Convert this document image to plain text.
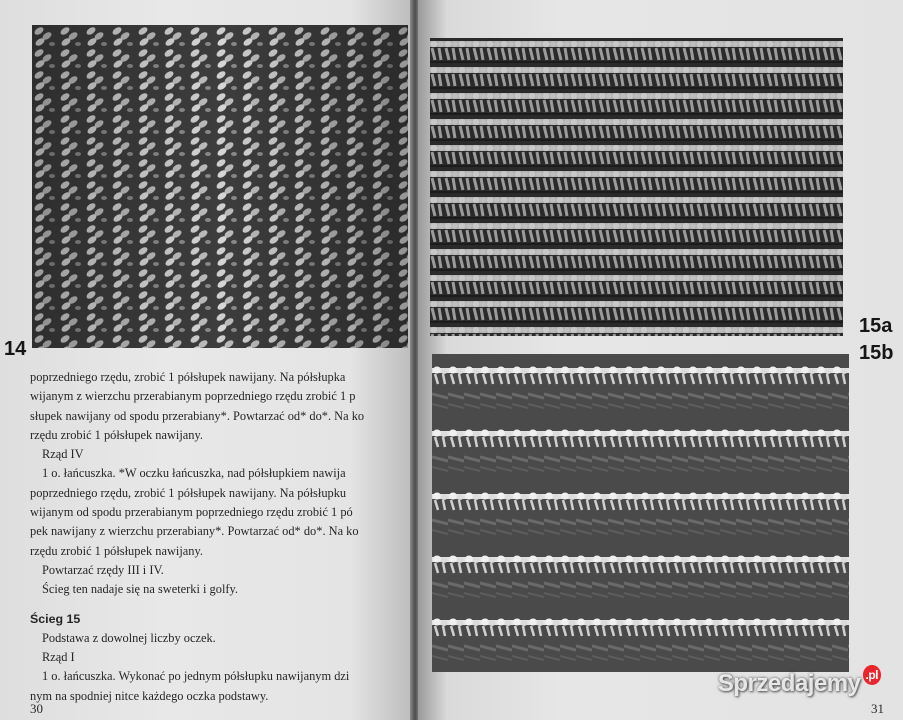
14
poprzedniego rzędu, zrobić 1 półsłupek nawijany. Na półsłupka
wijanym z wierzchu przerabianym poprzedniego rzędu zrobić 1 p
słupek nawijany od spodu przerabiany*. Powtarzać od* do*. Na ko
rzędu zrobić 1 półsłupek nawijany.
Rząd IV
1 o. łańcuszka. *W oczku łańcuszka, nad półsłupkiem nawija
poprzedniego rzędu, zrobić 1 półsłupek nawijany. Na półsłupku
wijanym od spodu przerabianym poprzedniego rzędu zrobić 1 pó
pek nawijany z wierzchu przerabiany*. Powtarzać od* do*. Na ko
rzędu zrobić 1 półsłupek nawijany.
Powtarzać rzędy III i IV.
Ścieg ten nadaje się na sweterki i golfy.
Ścieg 15
Podstawa z dowolnej liczby oczek.
Rząd I
1 o. łańcuszka. Wykonać po jednym półsłupku nawijanym dzi
nym na spodniej nitce każdego oczka podstawy.
30
15a
15b
31
Sprzedajemy $^{.pl}$
